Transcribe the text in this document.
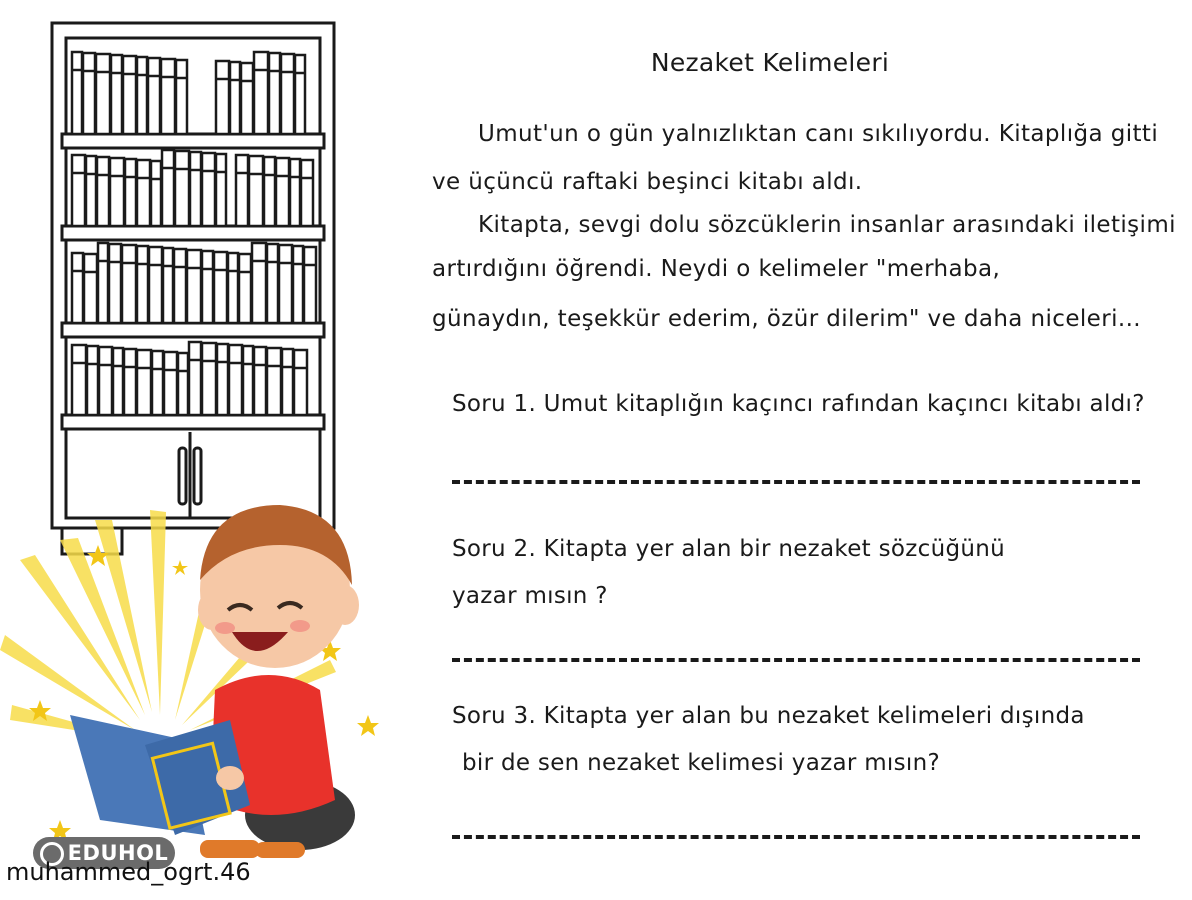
EDUHOL
muhammed_ogrt.46
Nezaket Kelimeleri
Umut'un o gün yalnızlıktan canı sıkılıyordu. Kitaplığa gitti
ve üçüncü raftaki beşinci kitabı aldı.
Kitapta, sevgi dolu sözcüklerin insanlar arasındaki iletişimi
artırdığını öğrendi. Neydi o kelimeler "merhaba,
günaydın, teşekkür ederim, özür dilerim" ve daha niceleri...
Soru 1. Umut kitaplığın kaçıncı rafından kaçıncı kitabı aldı?
Soru 2. Kitapta yer alan bir nezaket sözcüğünü
yazar mısın ?
Soru 3. Kitapta yer alan bu nezaket kelimeleri dışında
bir de sen nezaket kelimesi yazar mısın?
